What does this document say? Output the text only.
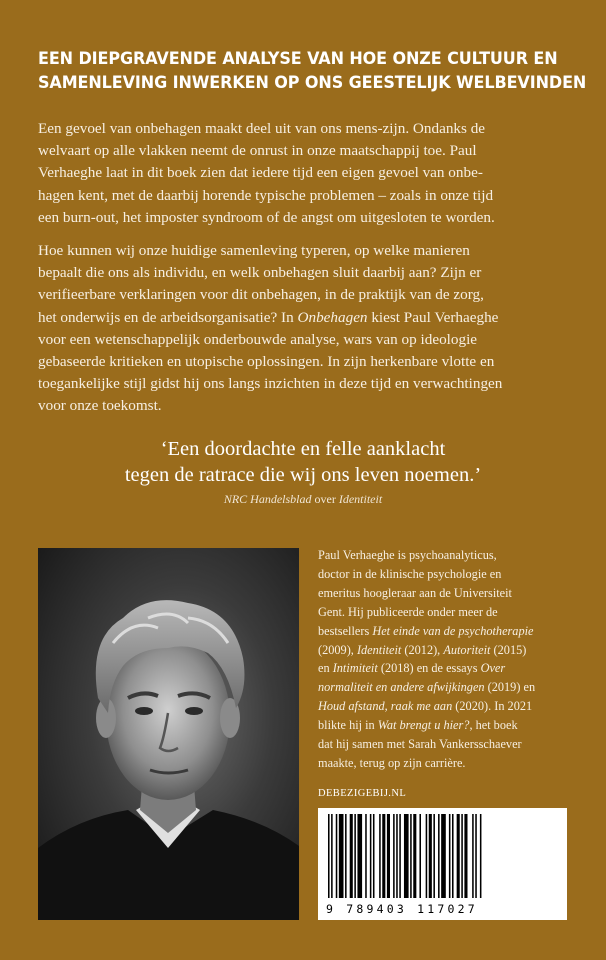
EEN DIEPGRAVENDE ANALYSE VAN HOE ONZE CULTUUR EN
SAMENLEVING INWERKEN OP ONS GEESTELIJK WELBEVINDEN
Een gevoel van onbehagen maakt deel uit van ons mens-zijn. Ondanks de
welvaart op alle vlakken neemt de onrust in onze maatschappij toe. Paul
Verhaeghe laat in dit boek zien dat iedere tijd een eigen gevoel van onbe-
hagen kent, met de daarbij horende typische problemen – zoals in onze tijd
een burn-out, het imposter syndroom of de angst om uitgesloten te worden.
Hoe kunnen wij onze huidige samenleving typeren, op welke manieren
bepaalt die ons als individu, en welk onbehagen sluit daarbij aan? Zijn er
verifieerbare verklaringen voor dit onbehagen, in de praktijk van de zorg,
het onderwijs en de arbeidsorganisatie? In Onbehagen kiest Paul Verhaeghe
voor een wetenschappelijk onderbouwde analyse, wars van op ideologie
gebaseerde kritieken en utopische oplossingen. In zijn herkenbare vlotte en
toegankelijke stijl gidst hij ons langs inzichten in deze tijd en verwachtingen
voor onze toekomst.
‘Een doordachte en felle aanklacht
tegen de ratrace die wij ons leven noemen.’
NRC Handelsblad over Identiteit
Paul Verhaeghe is psychoanalyticus,
doctor in de klinische psychologie en
emeritus hoogleraar aan de Universiteit
Gent. Hij publiceerde onder meer de
bestsellers Het einde van de psychotherapie
(2009), Identiteit (2012), Autoriteit (2015)
en Intimiteit (2018) en de essays Over
normaliteit en andere afwijkingen (2019) en
Houd afstand, raak me aan (2020). In 2021
blikte hij in Wat brengt u hier?, het boek
dat hij samen met Sarah Vankersschaever
maakte, terug op zijn carrière.
DEBEZIGEBIJ.NL
9 789403 117027
